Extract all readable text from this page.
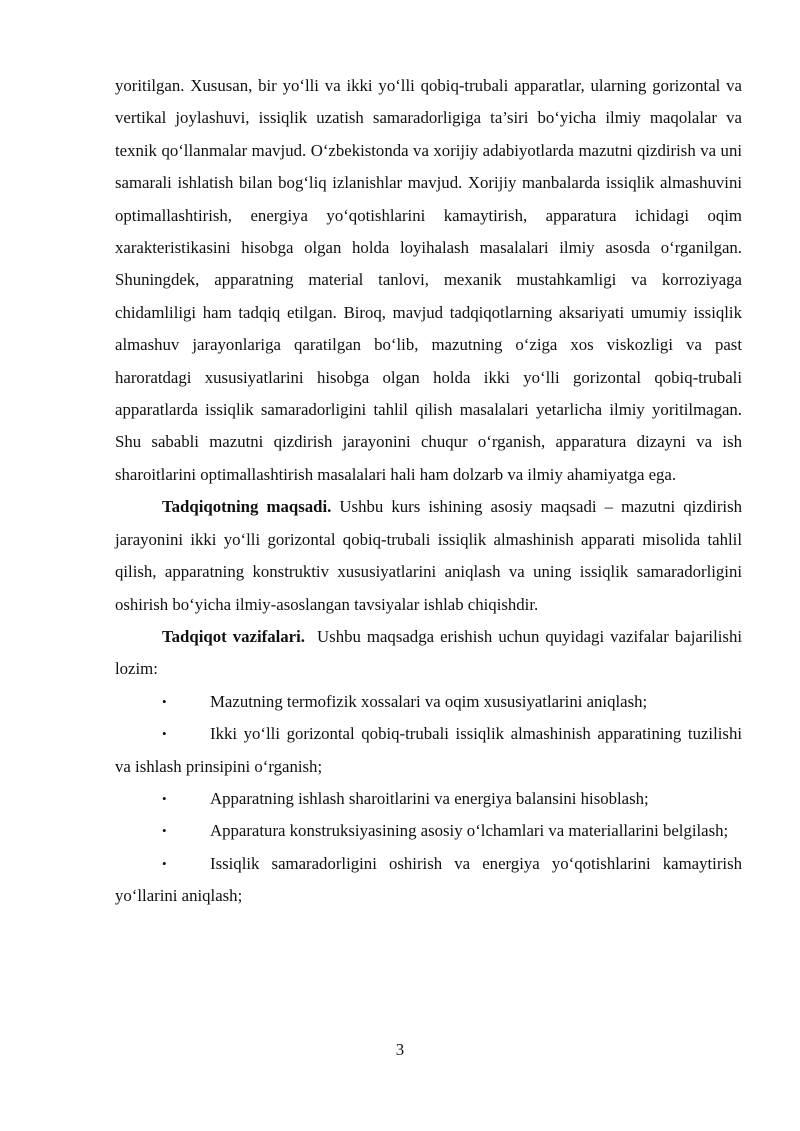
yoritilgan. Xususan, bir yo‘lli va ikki yo‘lli qobiq-trubali apparatlar, ularning gorizontal va vertikal joylashuvi, issiqlik uzatish samaradorligiga ta’siri bo‘yicha ilmiy maqolalar va texnik qo‘llanmalar mavjud. O‘zbekistonda va xorijiy adabiyotlarda mazutni qizdirish va uni samarali ishlatish bilan bog‘liq izlanishlar mavjud. Xorijiy manbalarda issiqlik almashuvini optimallashtirish, energiya yo‘qotishlarini kamaytirish, apparatura ichidagi oqim xarakteristikasini hisobga olgan holda loyihalash masalalari ilmiy asosda o‘rganilgan. Shuningdek, apparatning material tanlovi, mexanik mustahkamligi va korroziyaga chidamliligi ham tadqiq etilgan. Biroq, mavjud tadqiqotlarning aksariyati umumiy issiqlik almashuv jarayonlariga qaratilgan bo‘lib, mazutning o‘ziga xos viskozligi va past haroratdagi xususiyatlarini hisobga olgan holda ikki yo‘lli gorizontal qobiq-trubali apparatlarda issiqlik samaradorligini tahlil qilish masalalari yetarlicha ilmiy yoritilmagan. Shu sababli mazutni qizdirish jarayonini chuqur o‘rganish, apparatura dizayni va ish sharoitlarini optimallashtirish masalalari hali ham dolzarb va ilmiy ahamiyatga ega.

Tadqiqotning maqsadi. Ushbu kurs ishining asosiy maqsadi – mazutni qizdirish jarayonini ikki yo‘lli gorizontal qobiq-trubali issiqlik almashinish apparati misolida tahlil qilish, apparatning konstruktiv xususiyatlarini aniqlash va uning issiqlik samaradorligini oshirish bo‘yicha ilmiy-asoslangan tavsiyalar ishlab chiqishdir.

Tadqiqot vazifalari.  Ushbu maqsadga erishish uchun quyidagi vazifalar bajarilishi lozim:

•	Mazutning termofizik xossalari va oqim xususiyatlarini aniqlash;

•	Ikki yo‘lli gorizontal qobiq-trubali issiqlik almashinish apparatining tuzilishi va ishlash prinsipini o‘rganish;

•	Apparatning ishlash sharoitlarini va energiya balansini hisoblash;

•	Apparatura konstruksiyasining asosiy o‘lchamlari va materiallarini belgilash;

•	Issiqlik samaradorligini oshirish va energiya yo‘qotishlarini kamaytirish yo‘llarini aniqlash;

3
